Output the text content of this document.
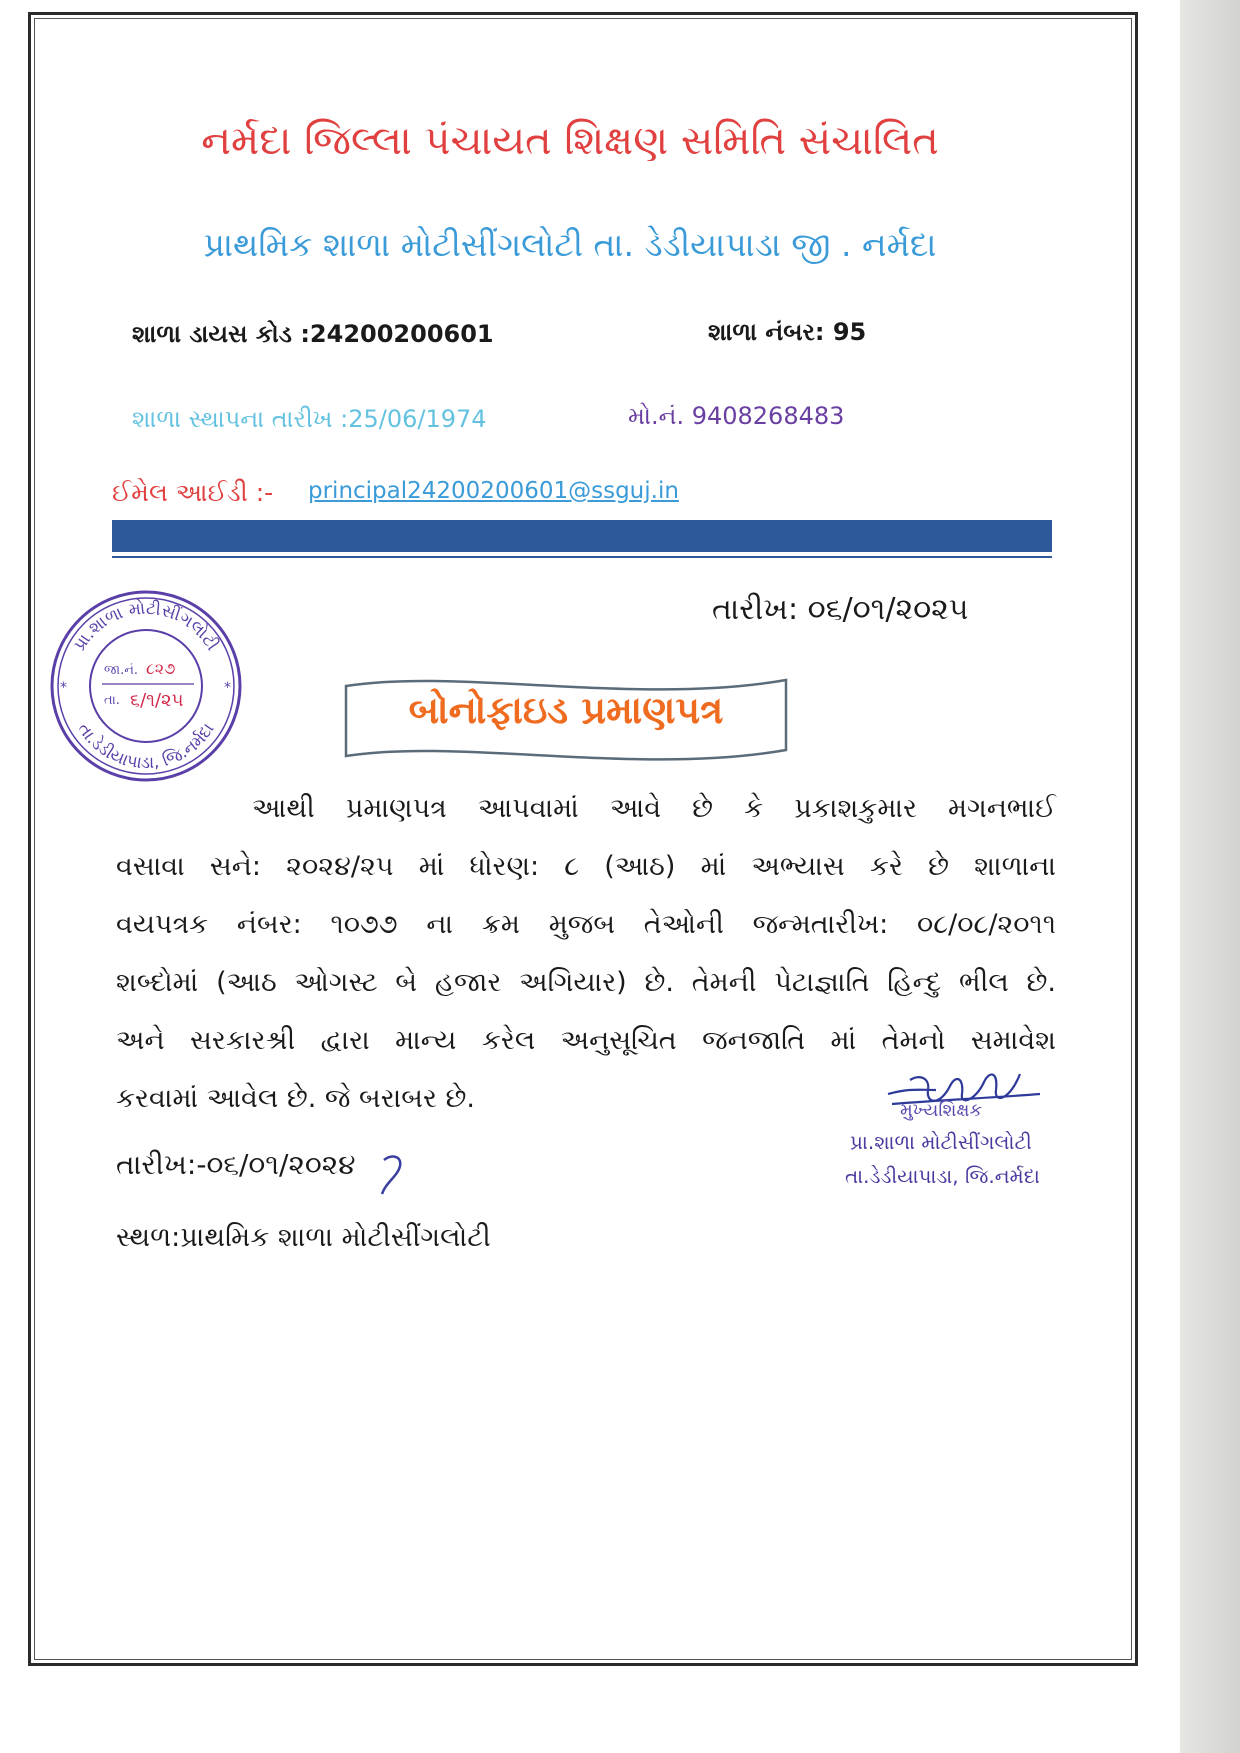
નર્મદા જિલ્લા પંચાયત શિક્ષણ સમિતિ સંચાલિત
પ્રાથમિક શાળા મોટીસીંગલોટી તા. ડેડીયાપાડા જી . નર્મદા
શાળા ડાયસ કોડ :24200200601	શાળા નંબર: 95
શાળા સ્થાપના તારીખ :25/06/1974	મો.નં. 9408268483
ઈમેલ આઈડી :- principal24200200601@ssguj.in
તારીખ: ૦૬/૦૧/૨૦૨૫
પ્રા.શાળા મોટીસીંગલોટી
તા.ડેડીયાપાડા, જિ.નર્મદા
*	*
જા.નં. ૮૨૭
તા. ૬/૧/૨૫	બોનોફાઇડ પ્રમાણપત્ર

આથી પ્રમાણપત્ર આપવામાં આવે છે કે પ્રકાશકુમાર મગનભાઈ

વસાવા સને: ૨૦૨૪/૨૫ માં ધોરણ: ૮ (આઠ) માં અભ્યાસ કરે છે શાળાના

વયપત્રક નંબર: ૧૦૭૭ ના ક્રમ મુજબ તેઓની જન્મતારીખ: ૦૮/૦૮/૨૦૧૧

શબ્દોમાં (આઠ ઓગસ્ટ બે હજાર અગિયાર) છે. તેમની પેટાજ્ઞાતિ હિન્દુ ભીલ છે.

અને સરકારશ્રી દ્વારા માન્ય કરેલ અનુસૂચિત જનજાતિ માં તેમનો સમાવેશ

કરવામાં આવેલ છે. જે બરાબર છે.

તારીખ:-૦૬/૦૧/૨૦૨૪
સ્થળ:પ્રાથમિક શાળા મોટીસીંગલોટી
મુખ્યશિક્ષક
પ્રા.શાળા મોટીસીંગલોટી
તા.ડેડીયાપાડા, જિ.નર્મદા
